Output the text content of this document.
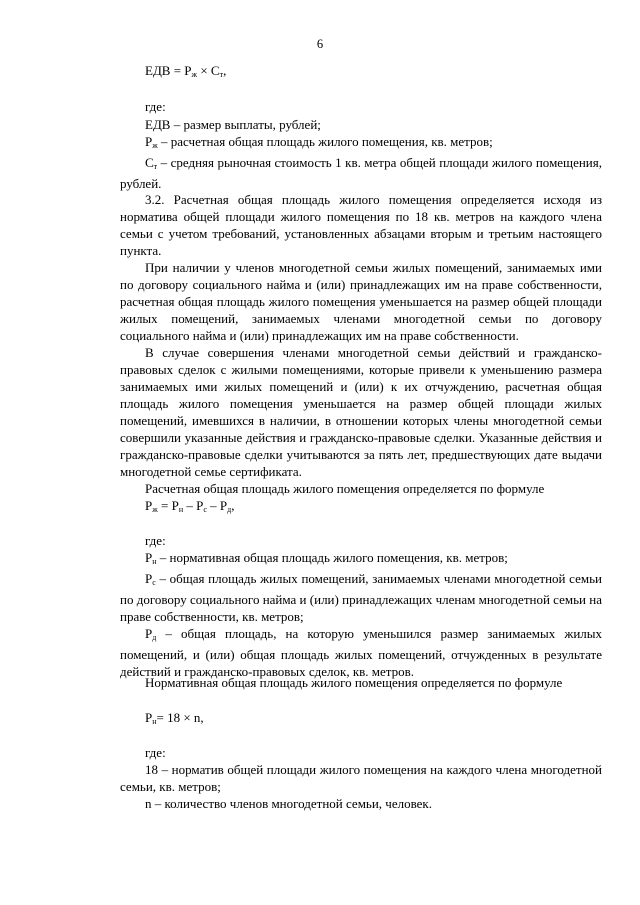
6
ЕДВ = $Р_ж \times С_т$,
где:
ЕДВ – размер выплаты, рублей;
$Р_ж$ – расчетная общая площадь жилого помещения, кв. метров;
$С_т$ – средняя рыночная стоимость 1 кв. метра общей площади жилого помещения, рублей.
3.2. Расчетная общая площадь жилого помещения определяется исходя из норматива общей площади жилого помещения по 18 кв. метров на каждого члена семьи с учетом требований, установленных абзацами вторым и третьим настоящего пункта.
При наличии у членов многодетной семьи жилых помещений, занимаемых ими по договору социального найма и (или) принадлежащих им на праве собственности, расчетная общая площадь жилого помещения уменьшается на размер общей площади жилых помещений, занимаемых членами многодетной семьи по договору социального найма и (или) принадлежащих им на праве собственности.
В случае совершения членами многодетной семьи действий и гражданско-правовых сделок с жилыми помещениями, которые привели к уменьшению размера занимаемых ими жилых помещений и (или) к их отчуждению, расчетная общая площадь жилого помещения уменьшается на размер общей площади жилых помещений, имевшихся в наличии, в отношении которых члены многодетной семьи совершили указанные действия и гражданско-правовые сделки. Указанные действия и гражданско-правовые сделки учитываются за пять лет, предшествующих дате выдачи многодетной семье сертификата.
Расчетная общая площадь жилого помещения определяется по формуле
$Р_ж = Р_н - Р_с - Р_д$,
где:
$Р_н$ – нормативная общая площадь жилого помещения, кв. метров;
$Р_с$ – общая площадь жилых помещений, занимаемых членами многодетной семьи по договору социального найма и (или) принадлежащих членам многодетной семьи на праве собственности, кв. метров;
$Р_д$ – общая площадь, на которую уменьшился размер занимаемых жилых помещений, и (или) общая площадь жилых помещений, отчужденных в результате действий и гражданско-правовых сделок, кв. метров.
Нормативная общая площадь жилого помещения определяется по формуле
$Р_н= 18 \times n$,
где:
18 – норматив общей площади жилого помещения на каждого члена многодетной семьи, кв. метров;
n – количество членов многодетной семьи, человек.
